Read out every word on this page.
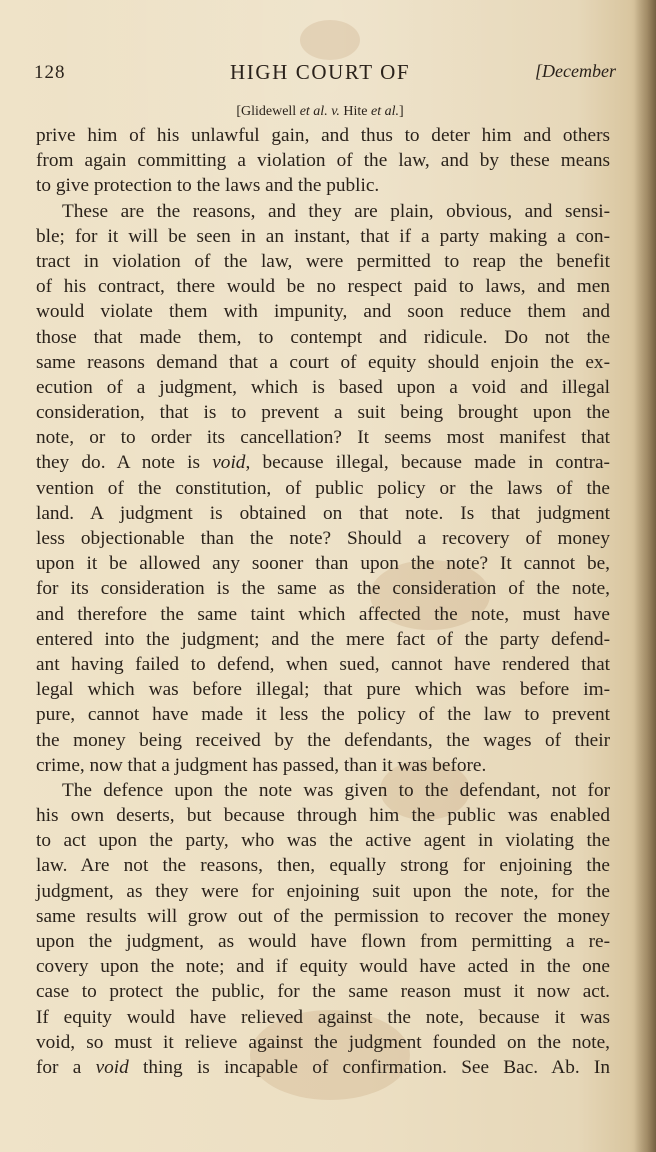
128	HIGH COURT OF	[December
[Glidewell et al. v. Hite et al.]
prive him of his unlawful gain, and thus to deter him and others
from again committing a violation of the law, and by these means
to give protection to the laws and the public.
These are the reasons, and they are plain, obvious, and sensi-
ble; for it will be seen in an instant, that if a party making a con-
tract in violation of the law, were permitted to reap the benefit
of his contract, there would be no respect paid to laws, and men
would violate them with impunity, and soon reduce them and
those that made them, to contempt and ridicule. Do not the
same reasons demand that a court of equity should enjoin the ex-
ecution of a judgment, which is based upon a void and illegal
consideration, that is to prevent a suit being brought upon the
note, or to order its cancellation? It seems most manifest that
they do. A note is void, because illegal, because made in contra-
vention of the constitution, of public policy or the laws of the
land. A judgment is obtained on that note. Is that judgment
less objectionable than the note? Should a recovery of money
upon it be allowed any sooner than upon the note? It cannot be,
for its consideration is the same as the consideration of the note,
and therefore the same taint which affected the note, must have
entered into the judgment; and the mere fact of the party defend-
ant having failed to defend, when sued, cannot have rendered that
legal which was before illegal; that pure which was before im-
pure, cannot have made it less the policy of the law to prevent
the money being received by the defendants, the wages of their
crime, now that a judgment has passed, than it was before.
The defence upon the note was given to the defendant, not for
his own deserts, but because through him the public was enabled
to act upon the party, who was the active agent in violating the
law. Are not the reasons, then, equally strong for enjoining the
judgment, as they were for enjoining suit upon the note, for the
same results will grow out of the permission to recover the money
upon the judgment, as would have flown from permitting a re-
covery upon the note; and if equity would have acted in the one
case to protect the public, for the same reason must it now act.
If equity would have relieved against the note, because it was
void, so must it relieve against the judgment founded on the note,
for a void thing is incapable of confirmation. See Bac. Ab. In
